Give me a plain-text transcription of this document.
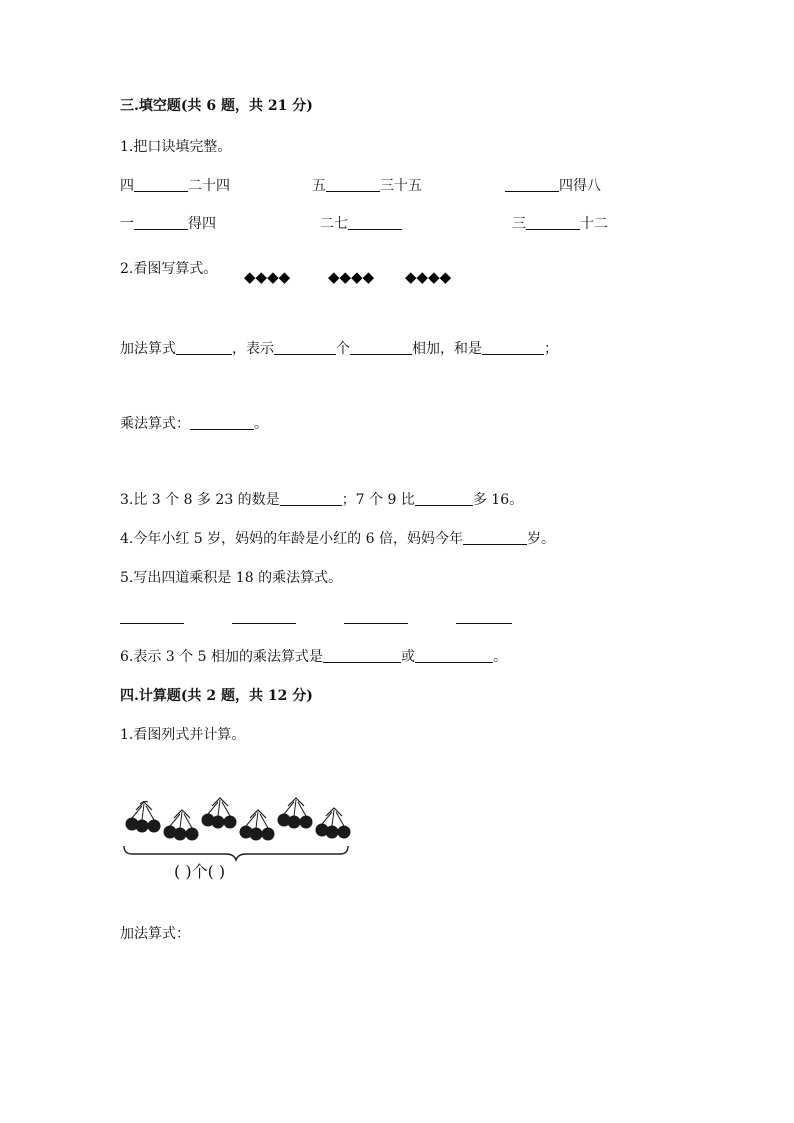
三.填空题(共 6 题，共 21 分)
1.把口诀填完整。
四	二十四	五	三十五	四得八
一	得四	二七	三	十二
2.看图写算式。 ◆◆◆◆	◆◆◆◆ ◆◆◆◆
加法算式	，表示	个	相加，和是	；
乘法算式：	。
3.比 3 个 8 多 23 的数是	；7 个 9 比	多 16。
4.今年小红 5 岁，妈妈的年龄是小红的 6 倍，妈妈今年	岁。
5.写出四道乘积是 18 的乘法算式。
6.表示 3 个 5 相加的乘法算式是	或	。
四.计算题(共 2 题，共 12 分)
1.看图列式并计算。
( )个( )
加法算式：
